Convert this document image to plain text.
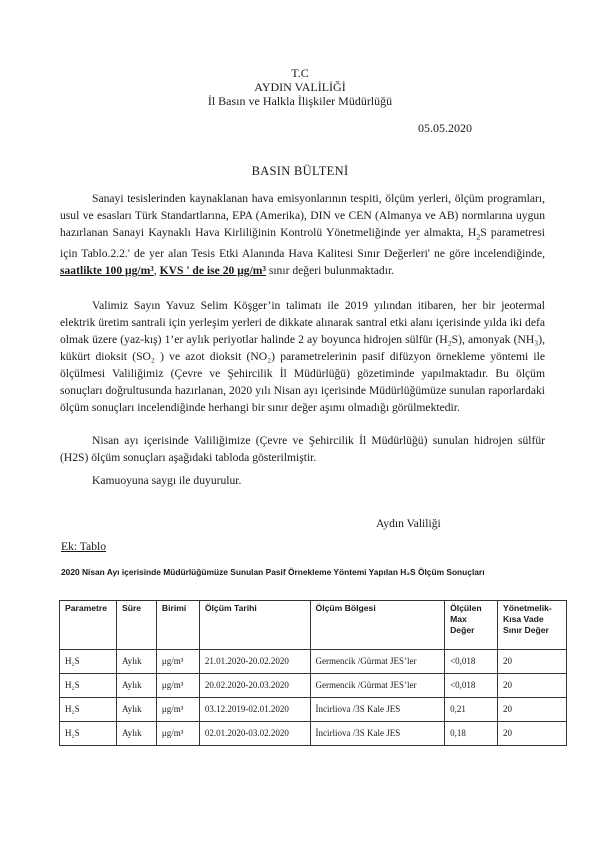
T.C
AYDIN VALİLİĞİ
İl Basın ve Halkla İlişkiler Müdürlüğü
05.05.2020
BASIN BÜLTENİ
Sanayi tesislerinden kaynaklanan hava emisyonlarının tespiti, ölçüm yerleri, ölçüm programları, usul ve esasları Türk Standartlarına, EPA (Amerika), DIN ve CEN (Almanya ve AB) normlarına uygun hazırlanan Sanayi Kaynaklı Hava Kirliliğinin Kontrolü Yönetmeliğinde yer almakta, $H_2S$ parametresi için Tablo.2.2.' de yer alan Tesis Etki Alanında Hava Kalitesi Sınır Değerleri' ne göre incelendiğinde, saatlikte 100 μg/m³, KVS ' de ise 20 μg/m³ sınır değeri bulunmaktadır.
Valimiz Sayın Yavuz Selim Köşger’in talimatı ile 2019 yılından itibaren, her bir jeotermal elektrik üretim santrali için yerleşim yerleri de dikkate alınarak santral etki alanı içerisinde yılda iki defa olmak üzere (yaz-kış) 1’er aylık periyotlar halinde 2 ay boyunca hidrojen sülfür (H₂S), amonyak (NH₃), kükürt dioksit (SO₂ ) ve azot dioksit (NO₂) parametrelerinin pasif difüzyon örnekleme yöntemi ile ölçülmesi Valiliğimiz (Çevre ve Şehircilik İl Müdürlüğü) gözetiminde yapılmaktadır. Bu ölçüm sonuçları doğrultusunda hazırlanan, 2020 yılı Nisan ayı içerisinde Müdürlüğümüze sunulan raporlardaki ölçüm sonuçları incelendiğinde herhangi bir sınır değer aşımı olmadığı görülmektedir.
Nisan ayı içerisinde Valiliğimize (Çevre ve Şehircilik İl Müdürlüğü) sunulan hidrojen sülfür (H2S) ölçüm sonuçları aşağıdaki tabloda gösterilmiştir.
Kamuoyuna saygı ile duyurulur.
Aydın Valiliği
Ek: Tablo
2020 Nisan Ayı içerisinde Müdürlüğümüze Sunulan Pasif Örnekleme Yöntemi Yapılan H₂S Ölçüm Sonuçları
Parametre	Süre	Birimi	Ölçüm Tarihi	Ölçüm Bölgesi	Ölçülen Max Değer	Yönetmelik-Kısa Vade Sınır Değer
H₂S	Aylık	μg/m³	21.01.2020-20.02.2020	Germencik /Gürmat JES’ler	<0,018	20
H₂S	Aylık	μg/m³	20.02.2020-20.03.2020	Germencik /Gürmat JES’ler	<0,018	20
H₂S	Aylık	μg/m³	03.12.2019-02.01.2020	İncirliova /3S Kale JES	0,21	20
H₂S	Aylık	μg/m³	02.01.2020-03.02.2020	İncirliova /3S Kale JES	0,18	20
